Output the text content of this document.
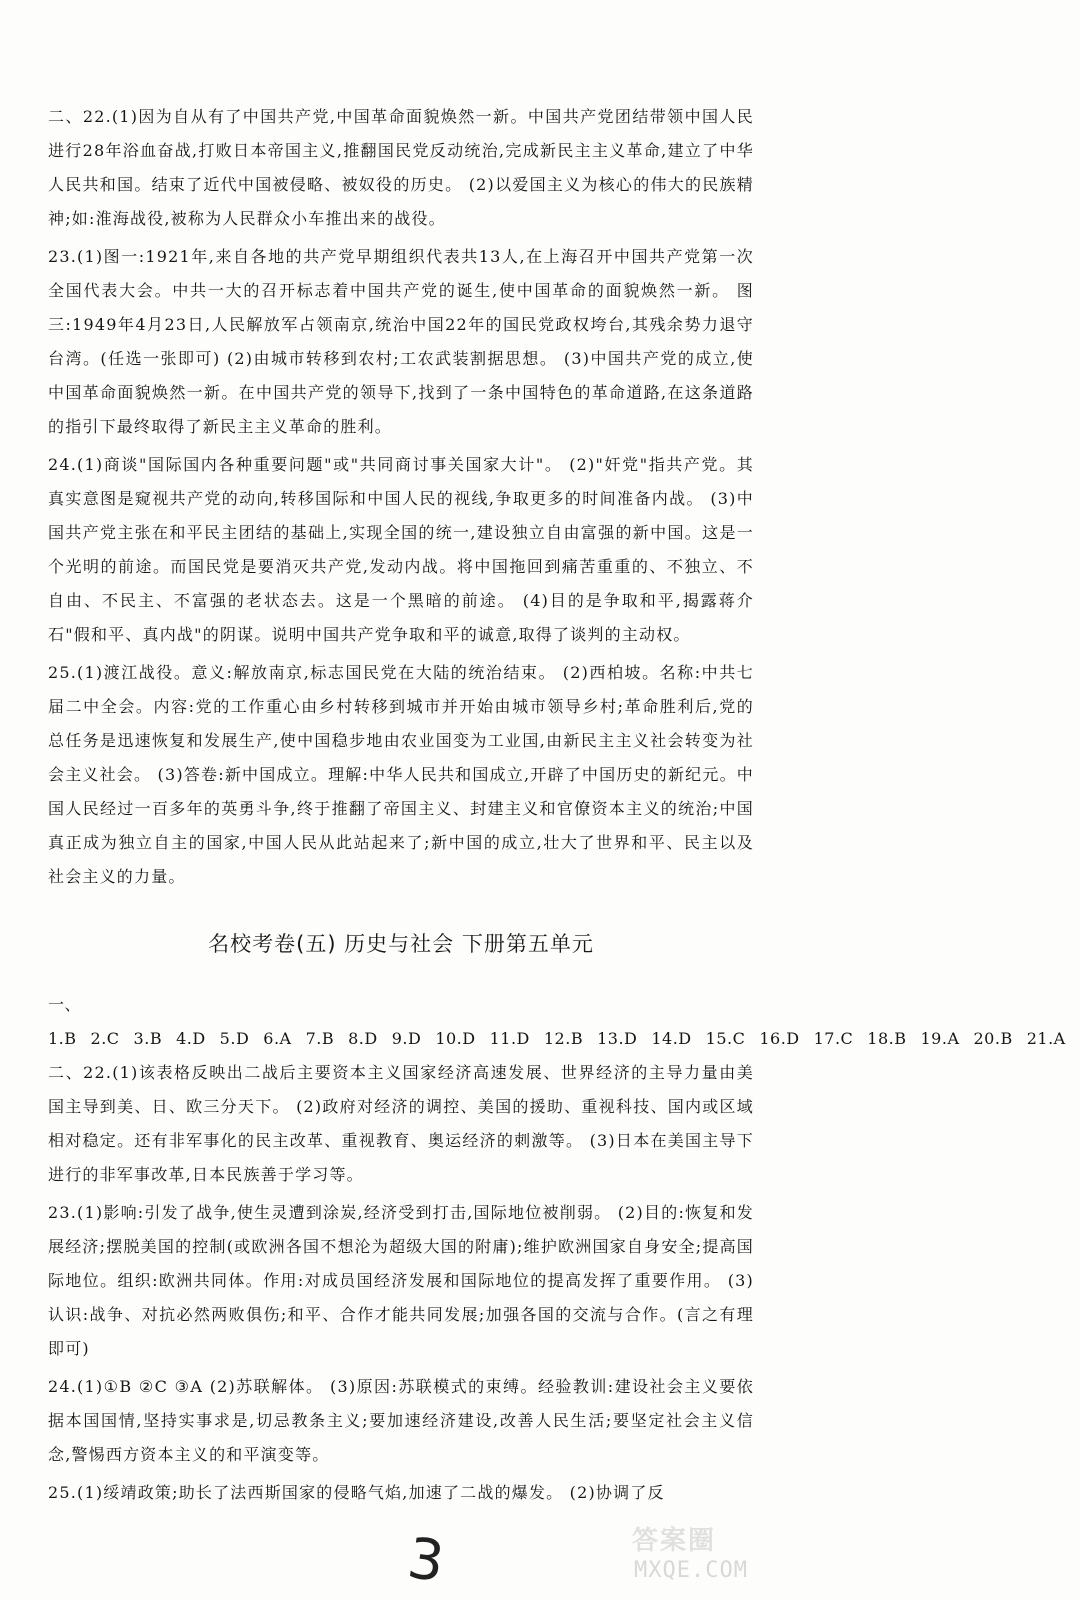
二、22.(1)因为自从有了中国共产党,中国革命面貌焕然一新。中国共产党团结带领中国人民进行28年浴血奋战,打败日本帝国主义,推翻国民党反动统治,完成新民主主义革命,建立了中华人民共和国。结束了近代中国被侵略、被奴役的历史。 (2)以爱国主义为核心的伟大的民族精神;如:淮海战役,被称为人民群众小车推出来的战役。

23.(1)图一:1921年,来自各地的共产党早期组织代表共13人,在上海召开中国共产党第一次全国代表大会。中共一大的召开标志着中国共产党的诞生,使中国革命的面貌焕然一新。 图三:1949年4月23日,人民解放军占领南京,统治中国22年的国民党政权垮台,其残余势力退守台湾。(任选一张即可) (2)由城市转移到农村;工农武装割据思想。 (3)中国共产党的成立,使中国革命面貌焕然一新。在中国共产党的领导下,找到了一条中国特色的革命道路,在这条道路的指引下最终取得了新民主主义革命的胜利。

24.(1)商谈"国际国内各种重要问题"或"共同商讨事关国家大计"。 (2)"奸党"指共产党。其真实意图是窥视共产党的动向,转移国际和中国人民的视线,争取更多的时间准备内战。 (3)中国共产党主张在和平民主团结的基础上,实现全国的统一,建设独立自由富强的新中国。这是一个光明的前途。而国民党是要消灭共产党,发动内战。将中国拖回到痛苦重重的、不独立、不自由、不民主、不富强的老状态去。这是一个黑暗的前途。 (4)目的是争取和平,揭露蒋介石"假和平、真内战"的阴谋。说明中国共产党争取和平的诚意,取得了谈判的主动权。

25.(1)渡江战役。意义:解放南京,标志国民党在大陆的统治结束。 (2)西柏坡。名称:中共七届二中全会。内容:党的工作重心由乡村转移到城市并开始由城市领导乡村;革命胜利后,党的总任务是迅速恢复和发展生产,使中国稳步地由农业国变为工业国,由新民主主义社会转变为社会主义社会。 (3)答卷:新中国成立。理解:中华人民共和国成立,开辟了中国历史的新纪元。中国人民经过一百多年的英勇斗争,终于推翻了帝国主义、封建主义和官僚资本主义的统治;中国真正成为独立自主的国家,中国人民从此站起来了;新中国的成立,壮大了世界和平、民主以及社会主义的力量。

名校考卷(五) 历史与社会 下册第五单元
一、1.B 2.C 3.B 4.D 5.D 6.A 7.B 8.D 9.D 10.D 11.D 12.B 13.D 14.D 15.C 16.D 17.C 18.B 19.A 20.B 21.A

二、22.(1)该表格反映出二战后主要资本主义国家经济高速发展、世界经济的主导力量由美国主导到美、日、欧三分天下。 (2)政府对经济的调控、美国的援助、重视科技、国内或区域相对稳定。还有非军事化的民主改革、重视教育、奥运经济的刺激等。 (3)日本在美国主导下进行的非军事改革,日本民族善于学习等。

23.(1)影响:引发了战争,使生灵遭到涂炭,经济受到打击,国际地位被削弱。 (2)目的:恢复和发展经济;摆脱美国的控制(或欧洲各国不想沦为超级大国的附庸);维护欧洲国家自身安全;提高国际地位。组织:欧洲共同体。作用:对成员国经济发展和国际地位的提高发挥了重要作用。 (3)认识:战争、对抗必然两败俱伤;和平、合作才能共同发展;加强各国的交流与合作。(言之有理即可)

24.(1)①B ②C ③A (2)苏联解体。 (3)原因:苏联模式的束缚。经验教训:建设社会主义要依据本国国情,坚持实事求是,切忌教条主义;要加速经济建设,改善人民生活;要坚定社会主义信念,警惕西方资本主义的和平演变等。

25.(1)绥靖政策;助长了法西斯国家的侵略气焰,加速了二战的爆发。 (2)协调了反

3	答案圈
MXQE.COM
